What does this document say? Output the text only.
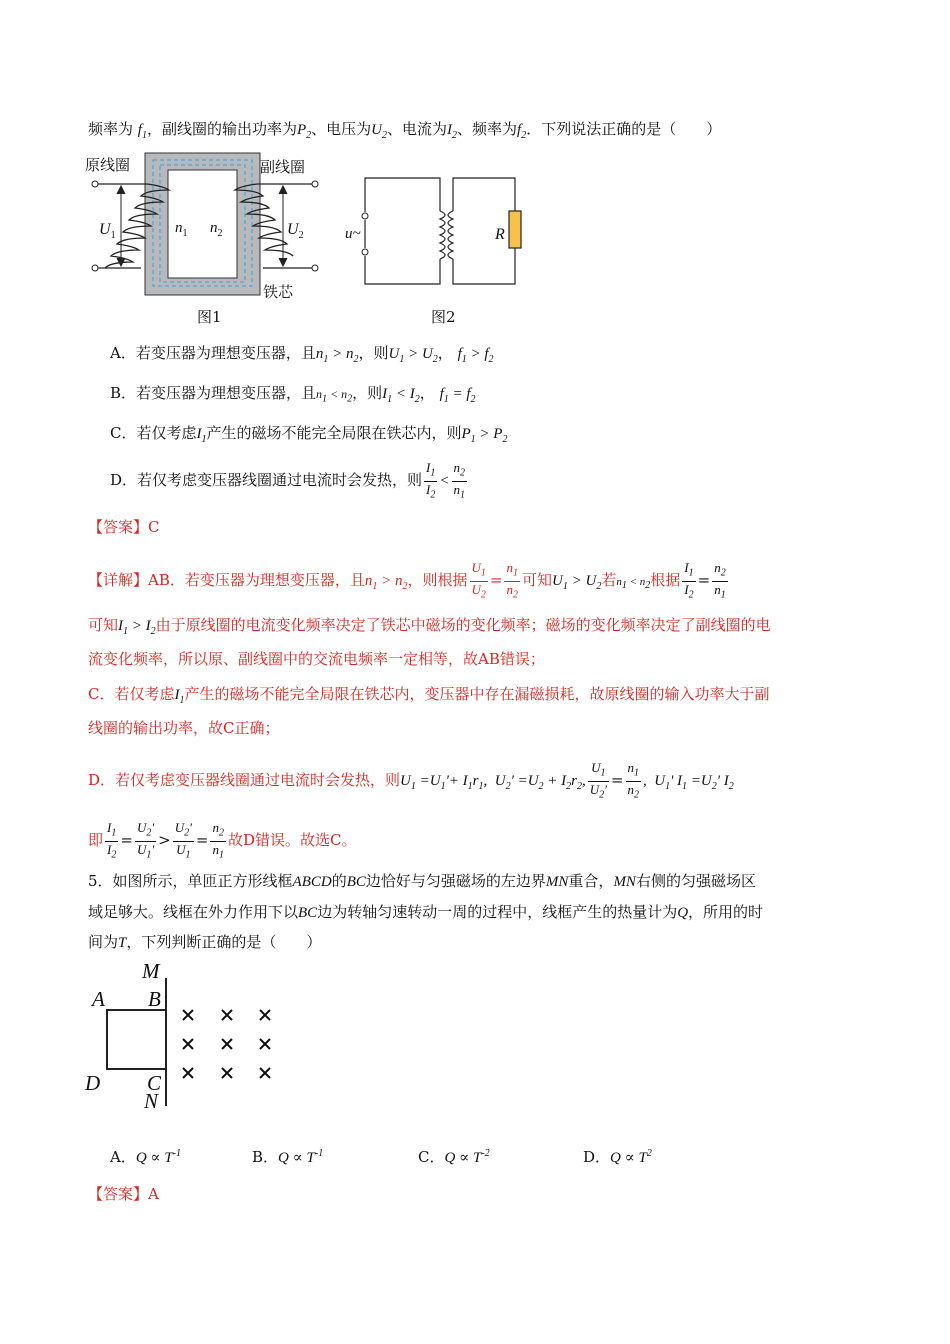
频率为 $f_1$，副线圈的输出功率为$P_2$、电压为$U_2$、电流为$I_2$、频率为$f_2$．下列说法正确的是（　　）
原线圈	副线圈
铁芯
图1
$U_1$	$U_2$
$n_1$ $n_2$	u~	R
图2
A．若变压器为理想变压器，且$n_1 > n_2$，则$U_1 > U_2$， $f_1 > f_2$
B．若变压器为理想变压器，且$n_1 < n_2$，则$I_1 < I_2$， $f_1 = f_2$
C．若仅考虑$I_1$产生的磁场不能完全局限在铁芯内，则$P_1 > P_2$
D．若仅考虑变压器线圈通过电流时会发热，则 $\frac{I_1}{I_2} < \frac{n_2}{n_1}$
【答案】C
【详解】AB．若变压器为理想变压器，且$n_1 > n_2$，则根据 $\frac{U_1}{U_2} = \frac{n_1}{n_2}$ 可知$U_1 > U_2$若$n_1 < n_2$根据 $\frac{I_1}{I_2} = \frac{n_2}{n_1}$
可知$I_1 > I_2$由于原线圈的电流变化频率决定了铁芯中磁场的变化频率；磁场的变化频率决定了副线圈的电
流变化频率，所以原、副线圈中的交流电频率一定相等，故AB错误；
C．若仅考虑$I_1$产生的磁场不能完全局限在铁芯内，变压器中存在漏磁损耗，故原线圈的输入功率大于副
线圈的输出功率，故C正确；
D．若仅考虑变压器线圈通过电流时会发热，则$U_1 =U_1'+ I_1r_1$,  $U_2' =U_2 + I_2r_2$, $\frac{U_1}{U_2'} = \frac{n_1}{n_2}$ ,  $U_1'$ $I_1 =U_2'$ $I_2$
即 $\frac{I_1}{I_2} = \frac{U_2'}{U_1'} > \frac{U_2'}{U_1} = \frac{n_2}{n_1}$ 故D错误。故选C。
5．如图所示，单匝正方形线框ABCD的BC边恰好与匀强磁场的左边界MN重合，MN右侧的匀强磁场区
域足够大。线框在外力作用下以BC边为转轴匀速转动一周的过程中，线框产生的热量计为Q，所用的时
间为T，下列判断正确的是（　　）
M
N
A B
C
D
A．$Q \propto T^{-1}$	B．$Q \propto T^{-1}$	C．$Q \propto T^{-2}$	D．$Q \propto T^2$
【答案】A
